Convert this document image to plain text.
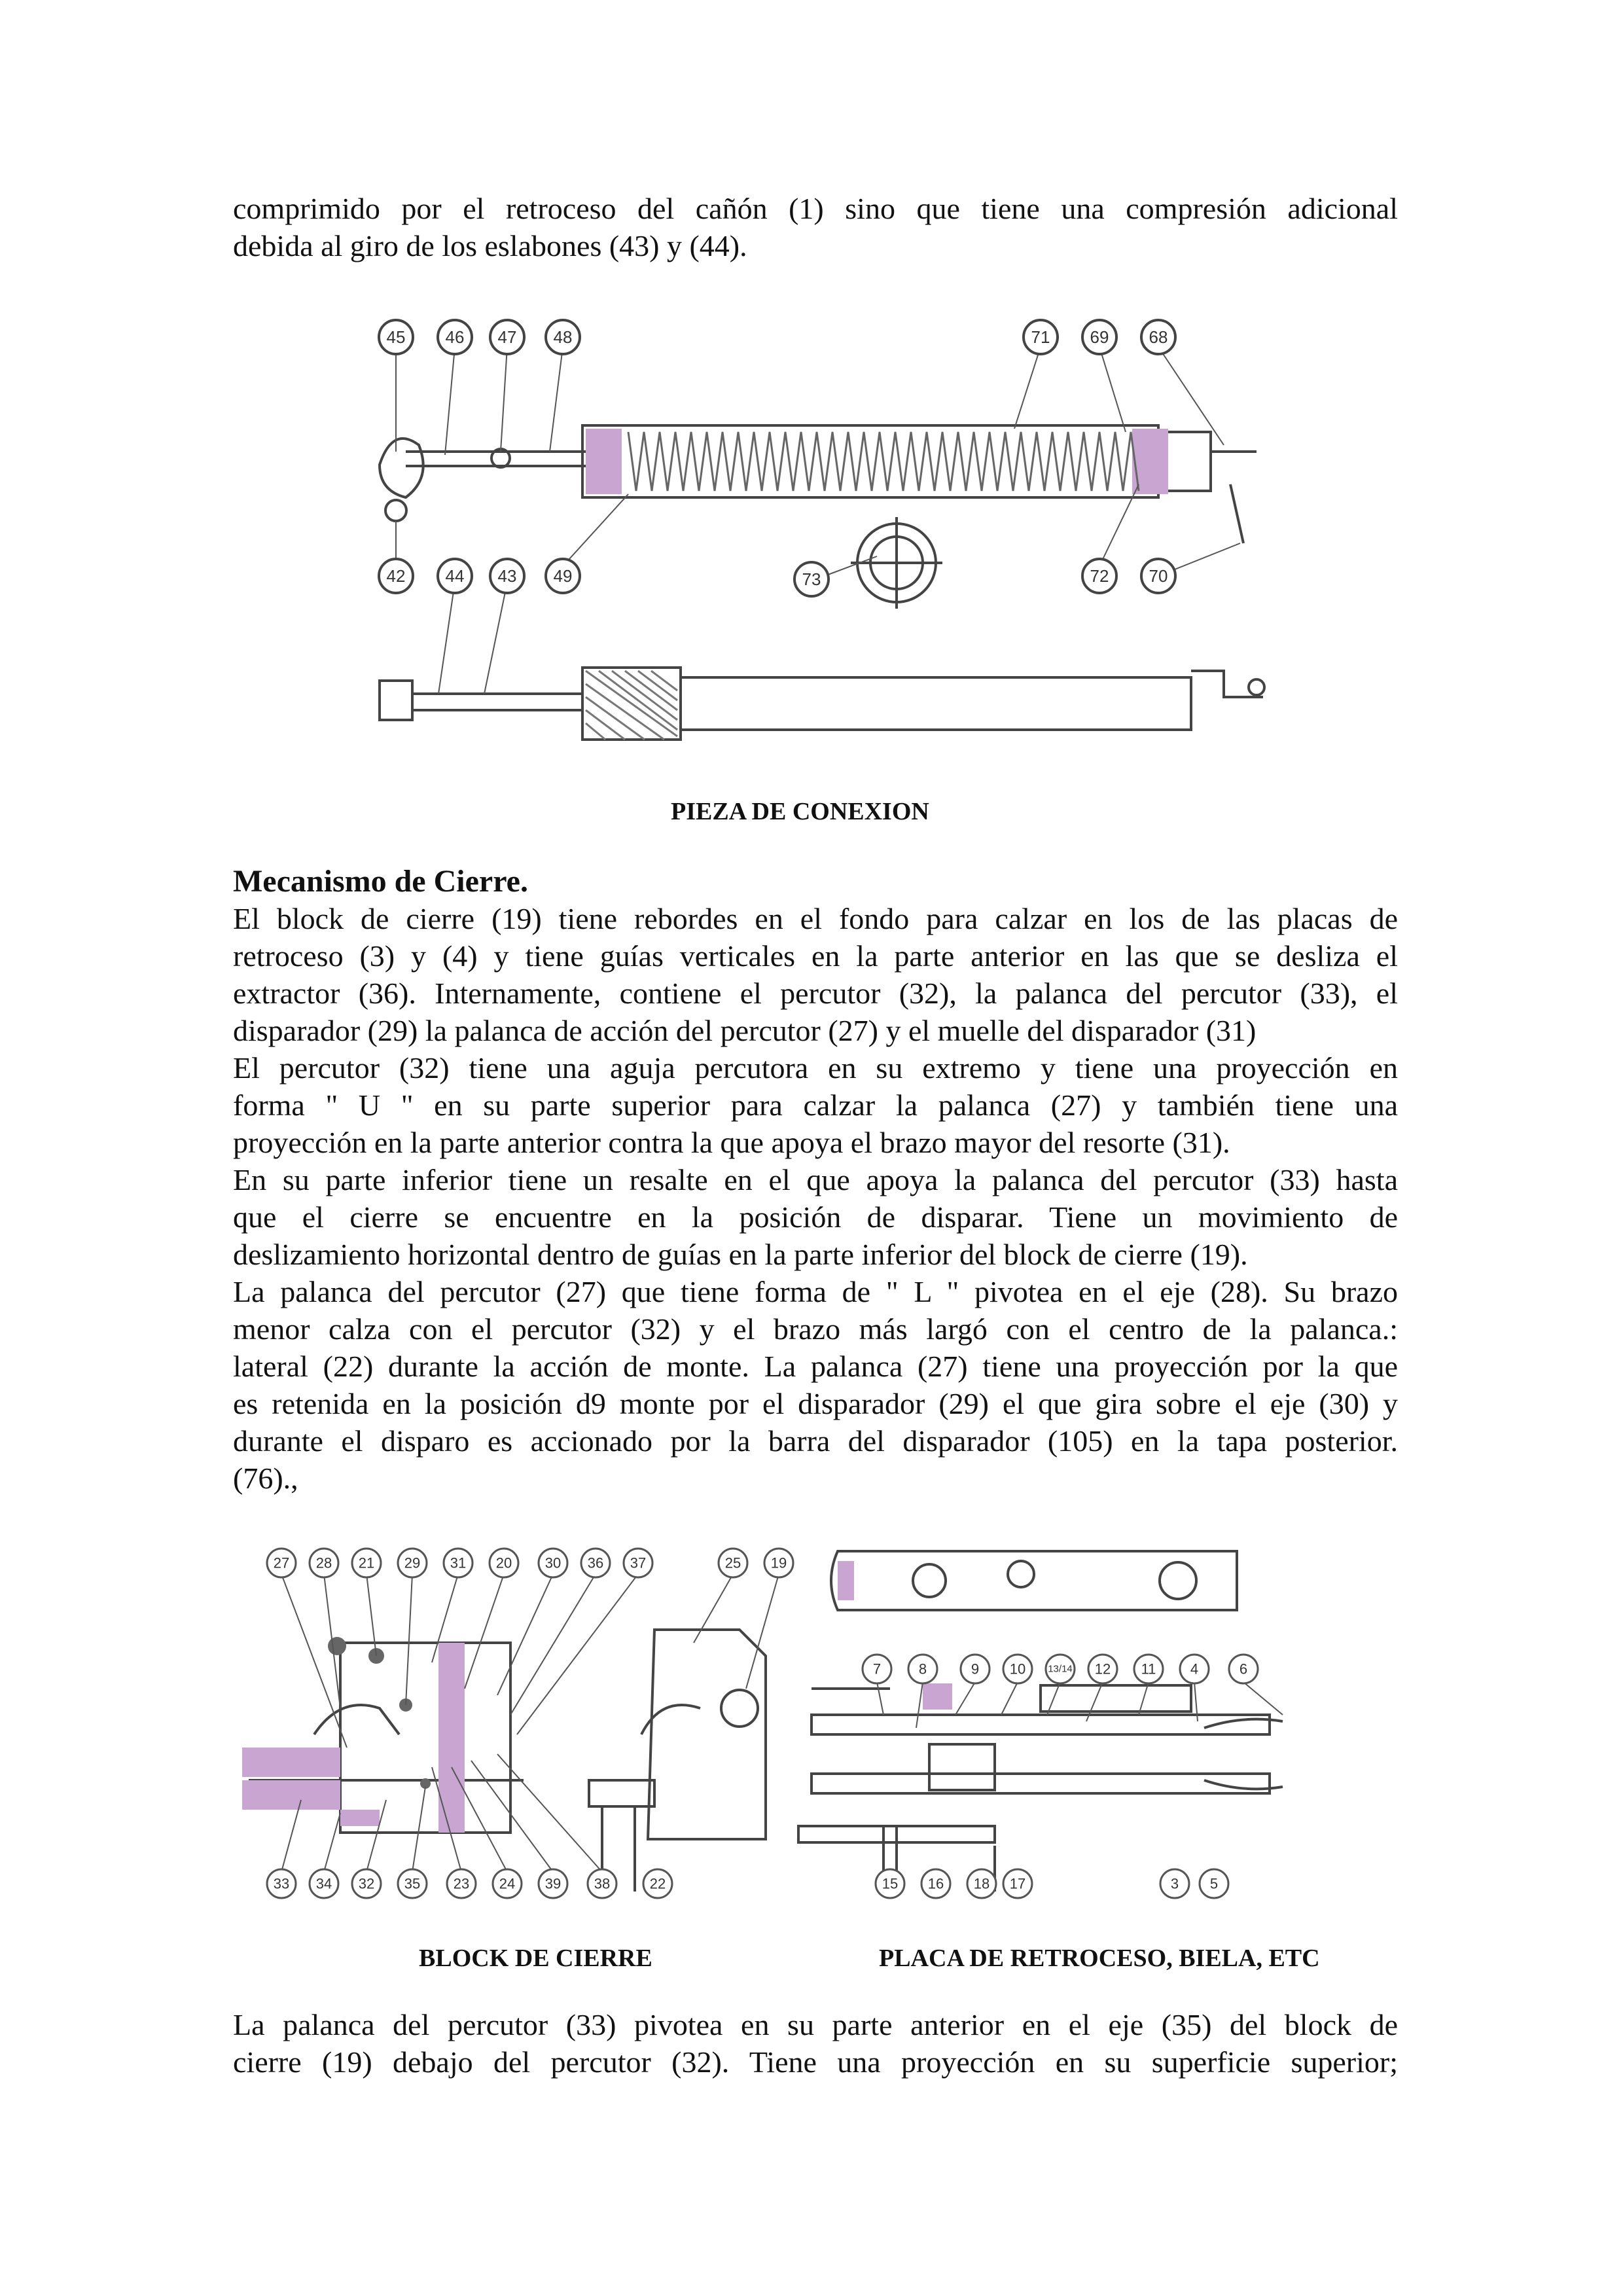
comprimido por el retroceso del cañón (1) sino que tiene una compresión adicional
debida al giro de los eslabones (43) y (44).
45 46 47 48	71 69 68
42 44 43 49	73	72 70
PIEZA DE CONEXION
Mecanismo de Cierre.
El block de cierre (19) tiene rebordes en el fondo para calzar en los de las placas de
retroceso (3) y (4) y tiene guías verticales en la parte anterior en las que se desliza el
extractor (36). Internamente, contiene el percutor (32), la palanca del percutor (33), el
disparador (29) la palanca de acción del percutor (27) y el muelle del disparador (31)
El percutor (32) tiene una aguja percutora en su extremo y tiene una proyección en
forma " U " en su parte superior para calzar la palanca (27) y también tiene una
proyección en la parte anterior contra la que apoya el brazo mayor del resorte (31).
En su parte inferior tiene un resalte en el que apoya la palanca del percutor (33) hasta
que el cierre se encuentre en la posición de disparar. Tiene un movimiento de
deslizamiento horizontal dentro de guías en la parte inferior del block de cierre (19).
La palanca del percutor (27) que tiene forma de " L " pivotea en el eje (28). Su brazo
menor calza con el percutor (32) y el brazo más largó con el centro de la palanca.:
lateral (22) durante la acción de monte. La palanca (27) tiene una proyección por la que
es retenida en la posición d9 monte por el disparador (29) el que gira sobre el eje (30) y
durante el disparo es accionado por la barra del disparador (105) en la tapa posterior.
(76).,
27 28 21 29 31 20 30 36 37	25 19
33 34 32 35 23 24 39 38	22
7	8	9 10 13/14 12 11 4	6
15 16 18 17	3 5
BLOCK DE CIERRE	PLACA DE RETROCESO, BIELA, ETC
La palanca del percutor (33) pivotea en su parte anterior en el eje (35) del block de
cierre (19) debajo del percutor (32). Tiene una proyección en su superficie superior;
